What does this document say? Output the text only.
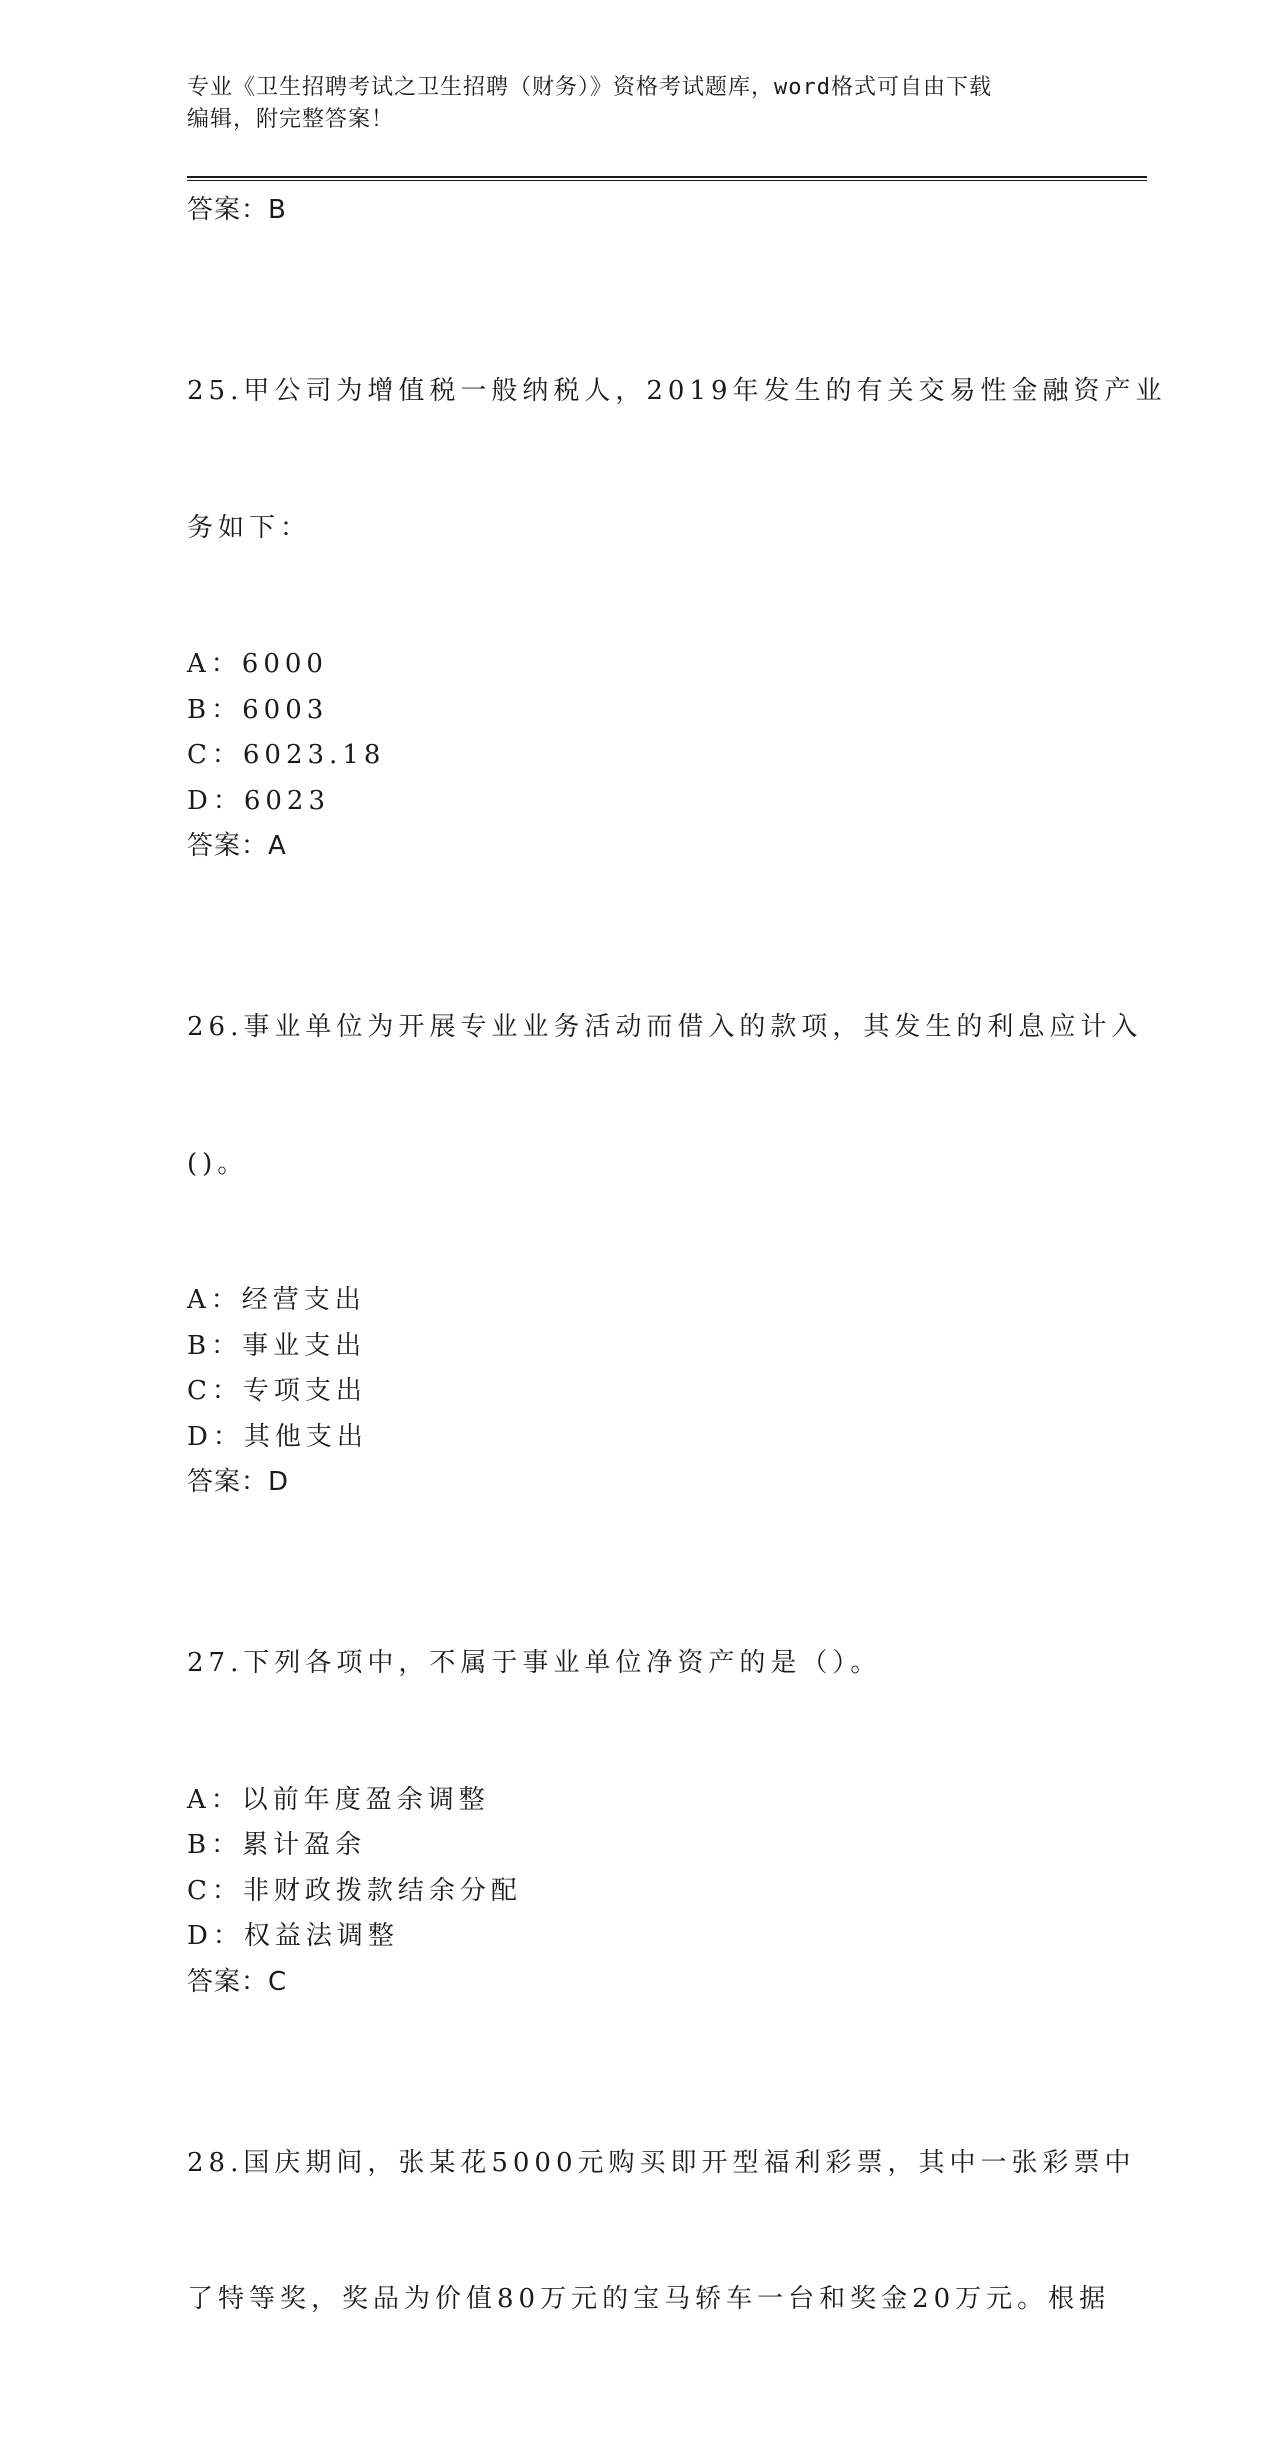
专业《卫生招聘考试之卫生招聘（财务）》资格考试题库，word格式可自由下载
编辑，附完整答案！
答案：B

25.甲公司为增值税一般纳税人，2019年发生的有关交易性金融资产业

务如下：

A：6000
B：6003
C：6023.18
D：6023
答案：A

26.事业单位为开展专业业务活动而借入的款项，其发生的利息应计入

()。

A：经营支出
B：事业支出
C：专项支出
D：其他支出
答案：D

27.下列各项中，不属于事业单位净资产的是（）。

A：以前年度盈余调整
B：累计盈余
C：非财政拨款结余分配
D：权益法调整
答案：C

28.国庆期间，张某花5000元购买即开型福利彩票，其中一张彩票中

了特等奖，奖品为价值80万元的宝马轿车一台和奖金20万元。根据
